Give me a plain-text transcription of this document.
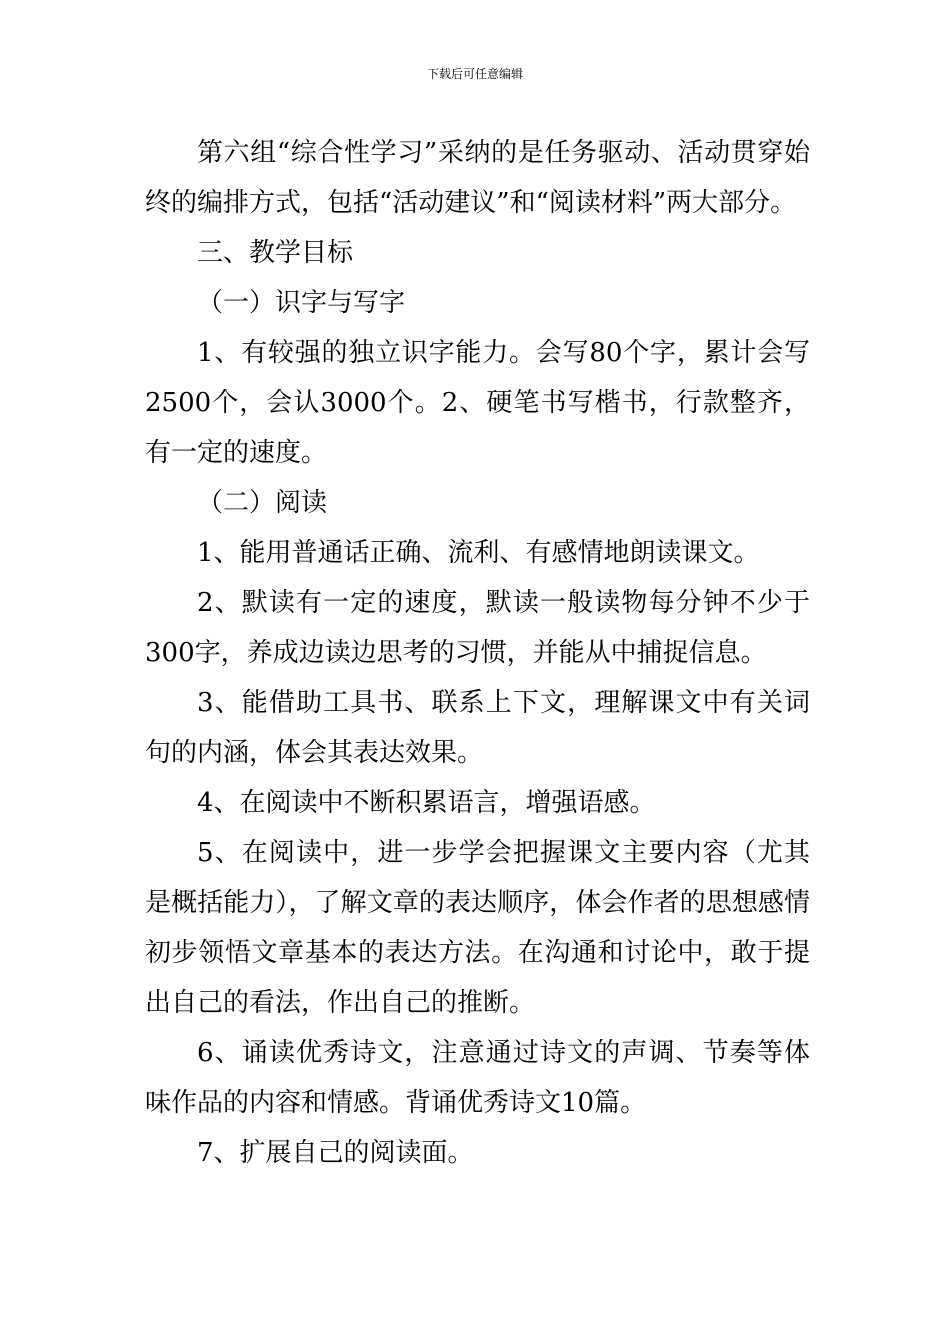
下载后可任意编辑

第六组“综合性学习”采纳的是任务驱动、活动贯穿始终的编排方式，包括“活动建议”和“阅读材料”两大部分。

三、教学目标

（一）识字与写字

1、有较强的独立识字能力。会写80个字，累计会写2500个，会认3000个。2、硬笔书写楷书，行款整齐，有一定的速度。

（二）阅读

1、能用普通话正确、流利、有感情地朗读课文。

2、默读有一定的速度，默读一般读物每分钟不少于300字，养成边读边思考的习惯，并能从中捕捉信息。

3、能借助工具书、联系上下文，理解课文中有关词句的内涵，体会其表达效果。

4、在阅读中不断积累语言，增强语感。

5、在阅读中，进一步学会把握课文主要内容（尤其是概括能力），了解文章的表达顺序，体会作者的思想感情初步领悟文章基本的表达方法。在沟通和讨论中，敢于提出自己的看法，作出自己的推断。

6、诵读优秀诗文，注意通过诗文的声调、节奏等体味作品的内容和情感。背诵优秀诗文10篇。

7、扩展自己的阅读面。
